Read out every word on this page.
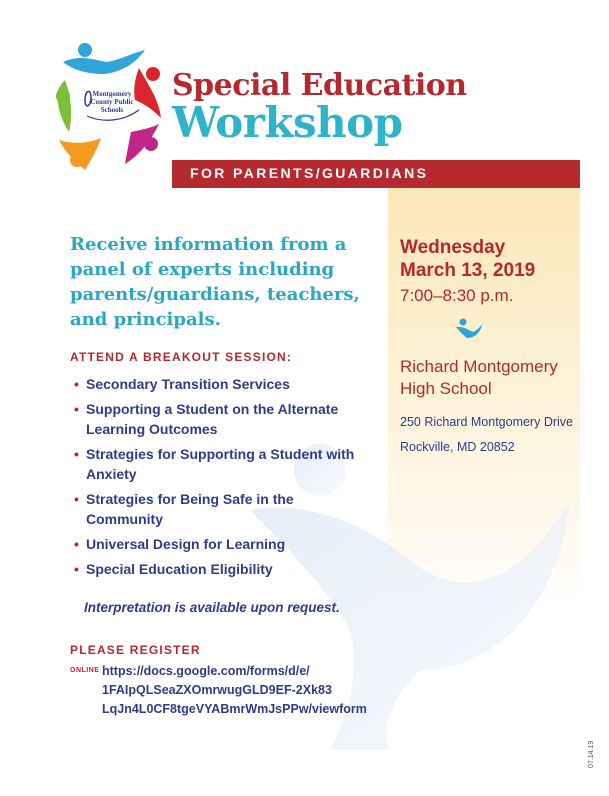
Montgomery
County Public
Schools
Special Education
Workshop
FOR PARENTS/GUARDIANS

Receive information from a panel of experts including parents/guardians, teachers, and principals.

ATTEND A BREAKOUT SESSION:

• Secondary Transition Services
• Supporting a Student on the Alternate Learning Outcomes
• Strategies for Supporting a Student with Anxiety
• Strategies for Being Safe in the Community
• Universal Design for Learning
• Special Education Eligibility

Interpretation is available upon request.

PLEASE REGISTER

ONLINE https://docs.google.com/forms/d/e/
1FAIpQLSeaZXOmrwugGLD9EF-2Xk83
LqJn4L0CF8tgeVYABmrWmJsPPw/viewform

Wednesday

March 13, 2019

7:00–8:30 p.m.

Richard Montgomery
High School
250 Richard Montgomery Drive
Rockville, MD 20852

07.14.19
